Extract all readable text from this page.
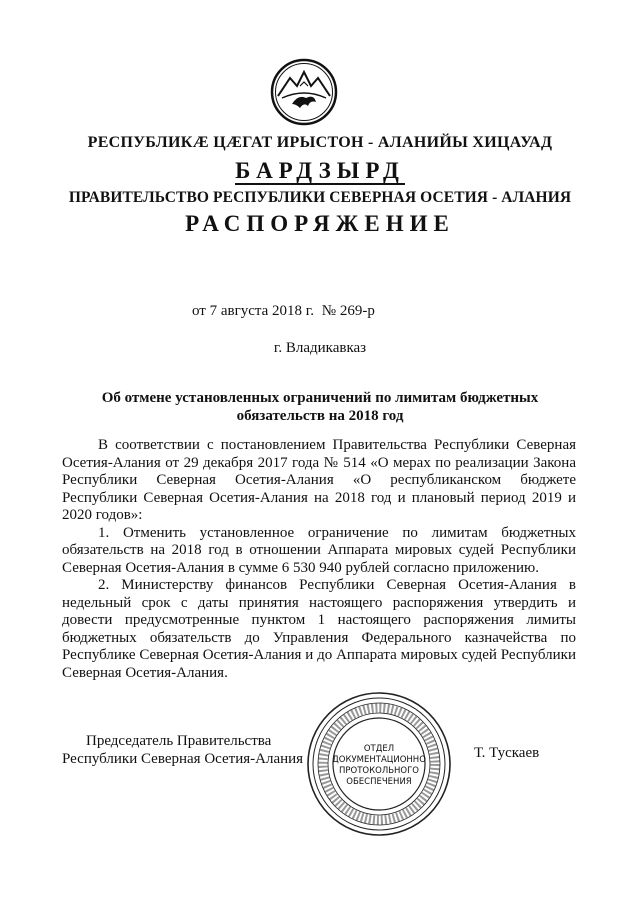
РЕСПУБЛИКÆ ЦÆГАТ ИРЫСТОН - АЛАНИЙЫ ХИЦАУАД
БАРДЗЫРД
ПРАВИТЕЛЬСТВО РЕСПУБЛИКИ СЕВЕРНАЯ ОСЕТИЯ - АЛАНИЯ
РАСПОРЯЖЕНИЕ
от 7 августа 2018 г. № 269-р
г. Владикавказ
Об отмене установленных ограничений по лимитам бюджетных
обязательств на 2018 год

В соответствии с постановлением Правительства Республики Северная Осетия-Алания от 29 декабря 2017 года № 514 «О мерах по реализации Закона Республики Северная Осетия-Алания «О республиканском бюджете Республики Северная Осетия-Алания на 2018 год и плановый период 2019 и 2020 годов»:

1. Отменить установленное ограничение по лимитам бюджетных обязательств на 2018 год в отношении Аппарата мировых судей Республики Северная Осетия-Алания в сумме 6 530 940 рублей согласно приложению.

2. Министерству финансов Республики Северная Осетия-Алания в недельный срок с даты принятия настоящего распоряжения утвердить и довести предусмотренные пунктом 1 настоящего распоряжения лимиты бюджетных обязательств до Управления Федерального казначейства по Республике Северная Осетия-Алания и до Аппарата мировых судей Республики Северная Осетия-Алания.

Председатель Правительства
Республики Северная Осетия-Алания	Т. Тускаев
ОТДЕЛ
ДОКУМЕНТАЦИОННО
ПРОТОКОЛЬНОГО
ОБЕСПЕЧЕНИЯ
